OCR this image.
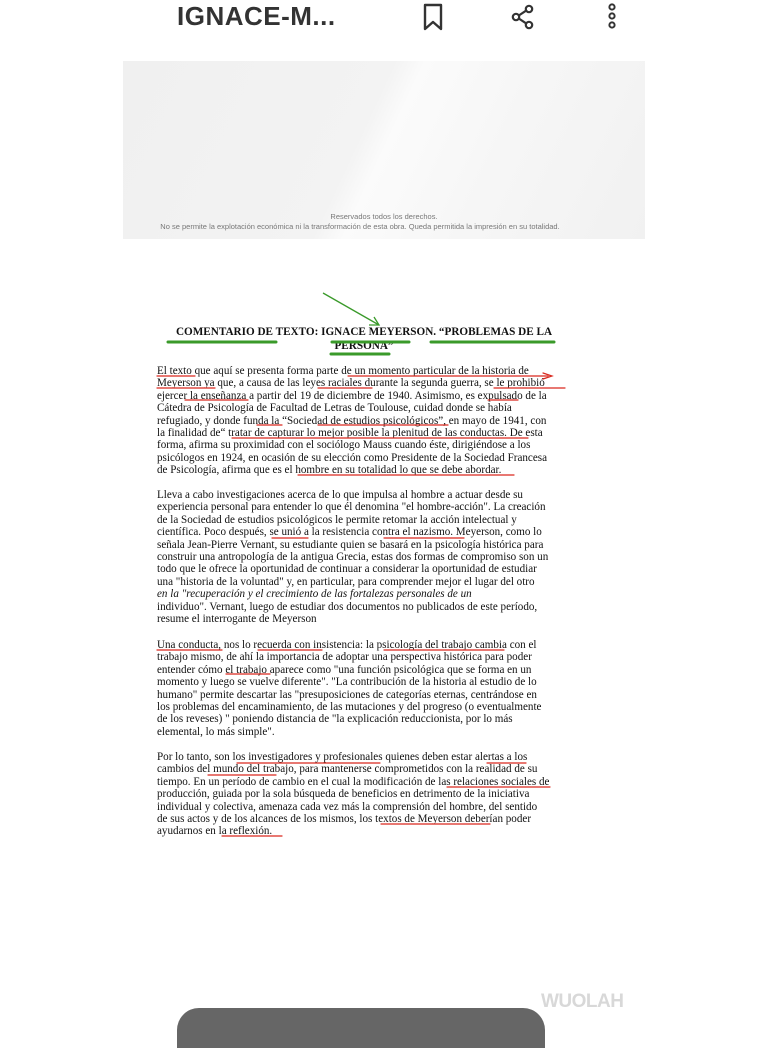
IGNACE-M...
Reservados todos los derechos.
No se permite la explotación económica ni la transformación de esta obra. Queda permitida la impresión en su totalidad.
COMENTARIO DE TEXTO: IGNACE MEYERSON. “PROBLEMAS DE LA
PERSONA”

El texto que aquí se presenta forma parte de un momento particular de la historia de
Meyerson ya que, a causa de las leyes raciales durante la segunda guerra, se le prohibió
ejercer la enseñanza a partir del 19 de diciembre de 1940. Asimismo, es expulsado de la
Cátedra de Psicología de Facultad de Letras de Toulouse, cuidad donde se había
refugiado, y donde funda la “Sociedad de estudios psicológicos”, en mayo de 1941, con
la finalidad de“ tratar de capturar lo mejor posible la plenitud de las conductas. De esta
forma, afirma su proximidad con el sociólogo Mauss cuando éste, dirigiéndose a los
psicólogos en 1924, en ocasión de su elección como Presidente de la Sociedad Francesa
de Psicología, afirma que es el hombre en su totalidad lo que se debe abordar.

Lleva a cabo investigaciones acerca de lo que impulsa al hombre a actuar desde su
experiencia personal para entender lo que él denomina "el hombre-acción". La creación
de la Sociedad de estudios psicológicos le permite retomar la acción intelectual y
científica. Poco después, se unió a la resistencia contra el nazismo. Meyerson, como lo
señala Jean-Pierre Vernant, su estudiante quien se basará en la psicología histórica para
construir una antropología de la antigua Grecia, estas dos formas de compromiso son un
todo que le ofrece la oportunidad de continuar a considerar la oportunidad de estudiar
una "historia de la voluntad" y, en particular, para comprender mejor el lugar del otro
en la "recuperación y el crecimiento de las fortalezas personales de un
individuo". Vernant, luego de estudiar dos documentos no publicados de este período,
resume el interrogante de Meyerson

Una conducta, nos lo recuerda con insistencia: la psicología del trabajo cambia con el
trabajo mismo, de ahí la importancia de adoptar una perspectiva histórica para poder
entender cómo el trabajo aparece como "una función psicológica que se forma en un
momento y luego se vuelve diferente". "La contribución de la historia al estudio de lo
humano" permite descartar las "presuposiciones de categorías eternas, centrándose en
los problemas del encaminamiento, de las mutaciones y del progreso (o eventualmente
de los reveses) " poniendo distancia de "la explicación reduccionista, por lo más
elemental, lo más simple".

Por lo tanto, son los investigadores y profesionales quienes deben estar alertas a los
cambios del mundo del trabajo, para mantenerse comprometidos con la realidad de su
tiempo. En un período de cambio en el cual la modificación de las relaciones sociales de
producción, guiada por la sola búsqueda de beneficios en detrimento de la iniciativa
individual y colectiva, amenaza cada vez más la comprensión del hombre, del sentido
de sus actos y de los alcances de los mismos, los textos de Meyerson deberían poder
ayudarnos en la reflexión.

WUOLAH
